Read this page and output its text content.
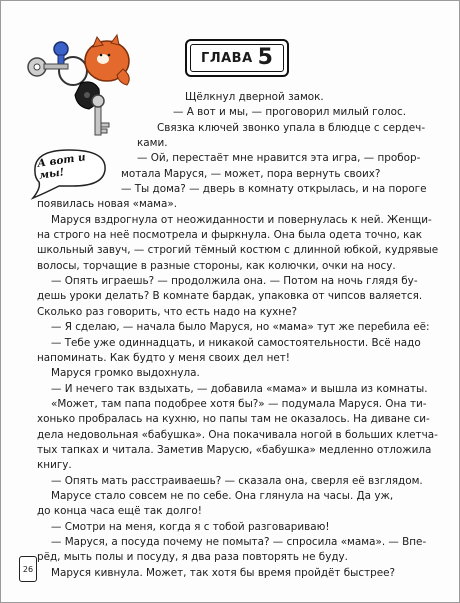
А вот и мы!
ГЛАВА 5
Щёлкнул дверной замок.
— А вот и мы, — проговорил милый голос.
Связка ключей звонко упала в блюдце с сердеч-
ками.
— Ой, перестаёт мне нравится эта игра, — пробор-
мотала Маруся, — может, пора вернуть своих?
— Ты дома? — дверь в комнату открылась, и на пороге
появилась новая «мама».
Маруся вздрогнула от неожиданности и повернулась к ней. Женщи-
на строго на неё посмотрела и фыркнула. Она была одета точно, как
школьный завуч, — строгий тёмный костюм с длинной юбкой, кудрявые
волосы, торчащие в разные стороны, как колючки, очки на носу.
— Опять играешь? — продолжила она. — Потом на ночь глядя бу-
дешь уроки делать? В комнате бардак, упаковка от чипсов валяется.
Сколько раз говорить, что есть надо на кухне?
— Я сделаю, — начала было Маруся, но «мама» тут же перебила её:
— Тебе уже одиннадцать, и никакой самостоятельности. Всё надо
напоминать. Как будто у меня своих дел нет!
Маруся громко выдохнула.
— И нечего так вздыхать, — добавила «мама» и вышла из комнаты.
«Может, там папа подобрее хотя бы?» — подумала Маруся. Она ти-
хонько пробралась на кухню, но папы там не оказалось. На диване си-
дела недовольная «бабушка». Она покачивала ногой в больших клетча-
тых тапках и читала. Заметив Марусю, «бабушка» медленно отложила
книгу.
— Опять мать расстраиваешь? — сказала она, сверля её взглядом.
Марусе стало совсем не по себе. Она глянула на часы. Да уж,
до конца часа ещё так долго!
— Смотри на меня, когда я с тобой разговариваю!
— Маруся, а посуда почему не помыта? — спросила «мама». — Впе-
рёд, мыть полы и посуду, я два раза повторять не буду.
Маруся кивнула. Может, так хотя бы время пройдёт быстрее?
26
